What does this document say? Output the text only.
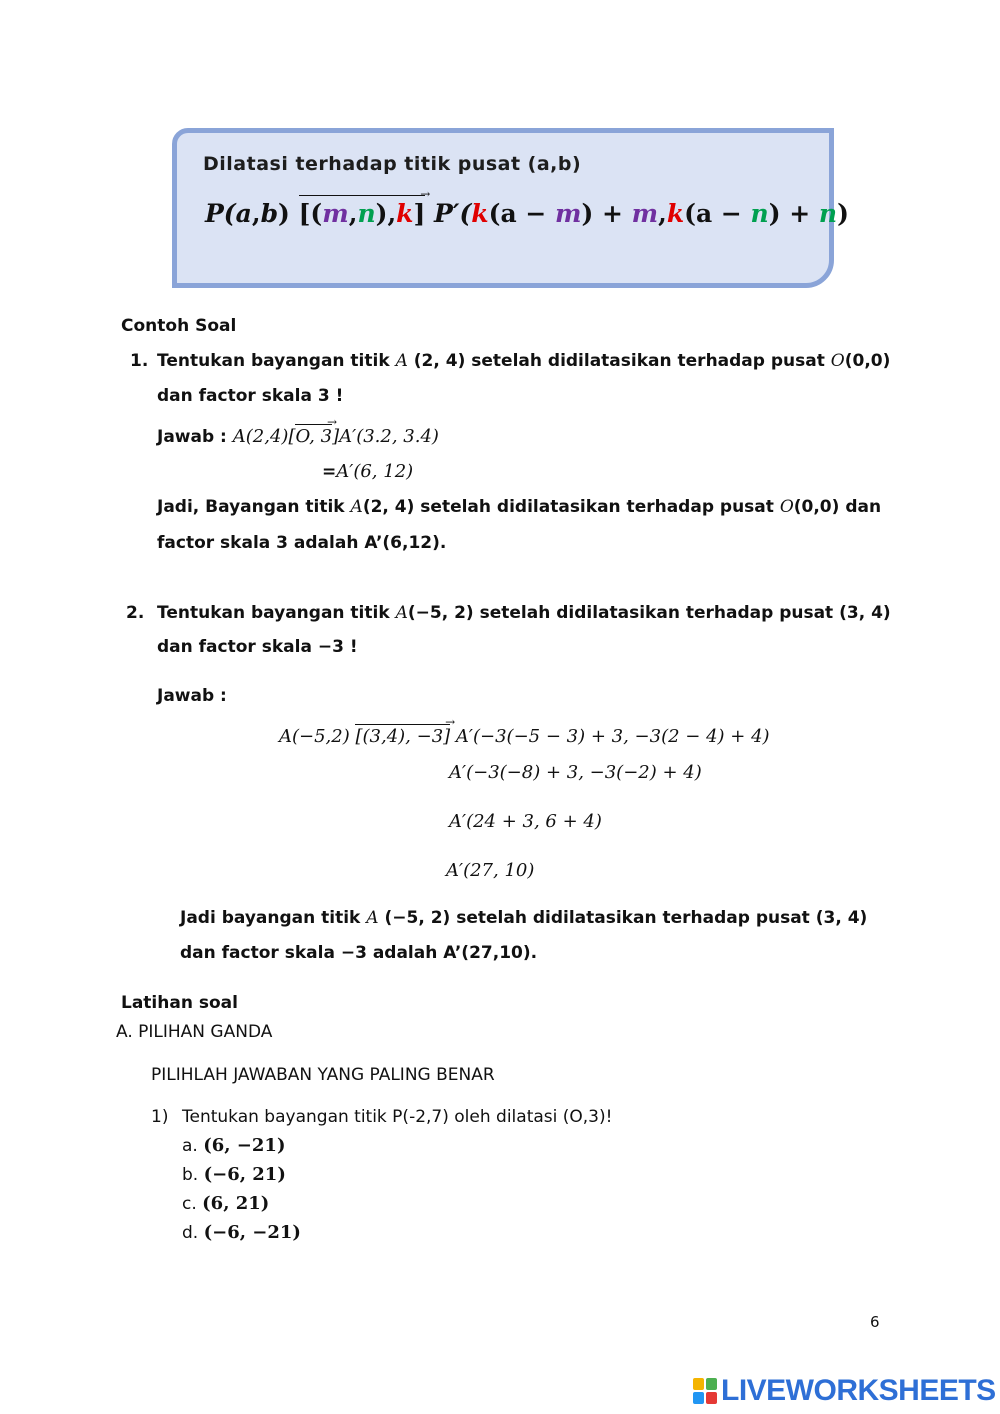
Dilatasi terhadap titik pusat (a,b)
P(a,b)
→
[(m,n),k] P′(k(a − m) + m,k(a − n) + n)
Contoh Soal
1. Tentukan bayangan titik A (2, 4) setelah didilatasikan terhadap pusat O(0,0)
dan factor skala 3 !
Jawab : A(2,4)[
→
O, 3]A′(3.2, 3.4)
=A′(6, 12)
Jadi, Bayangan titik A(2, 4) setelah didilatasikan terhadap pusat O(0,0) dan
factor skala 3 adalah A’(6,12).
2. Tentukan bayangan titik A(−5, 2) setelah didilatasikan terhadap pusat (3, 4)
dan factor skala −3 !
Jawab :
A(−5,2)
→
[(3,4), −3] A′(−3(−5 − 3) + 3, −3(2 − 4) + 4)
A′(−3(−8) + 3, −3(−2) + 4)
A′(24 + 3, 6 + 4)
A′(27, 10)
Jadi bayangan titik A (−5, 2) setelah didilatasikan terhadap pusat (3, 4)
dan factor skala −3 adalah A’(27,10).
Latihan soal
A. PILIHAN GANDA
PILIHLAH JAWABAN YANG PALING BENAR
1) Tentukan bayangan titik P(-2,7) oleh dilatasi (O,3)!
a. (6, −21)
b. (−6, 21)
c. (6, 21)
d. (−6, −21)
6
LIVEWORKSHEETS
